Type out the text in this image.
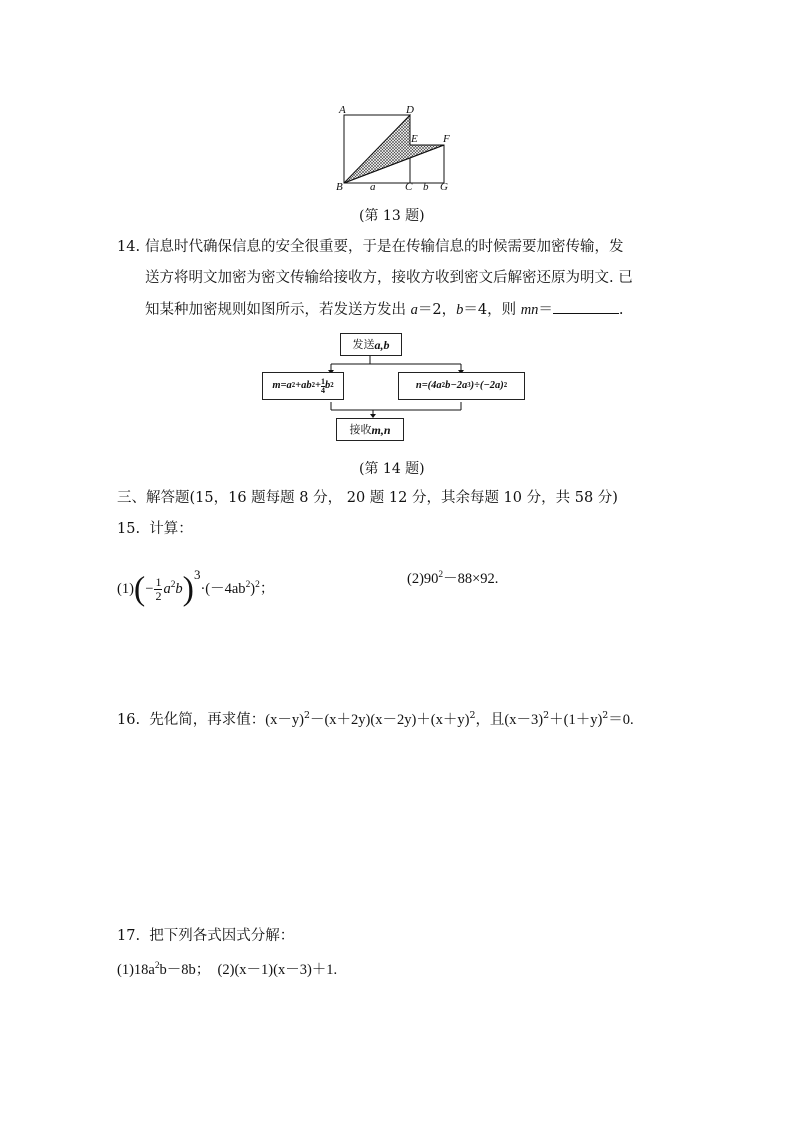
A	D
E F
B a	C b G
(第 13 题)
14. 信息时代确保信息的安全很重要，于是在传输信息的时候需要加密传输，发
送方将明文加密为密文传输给接收方，接收方收到密文后解密还原为明文. 已
知某种加密规则如图所示，若发送方发出 a＝2，b＝4，则 mn＝	.
发送 a,b
m =a 2 +ab $2 + \frac{1}{4}$ b 2	n =(4a 2 b−2a 3 )÷(−2a) 2
接收 m,n
(第 14 题)
三、解答题(15，16 题每题 8 分， 20 题 12 分，其余每题 10 分，共 58 分)
15. 计算：
$(1)(- \frac{1}{2} a^2b)^3\cdot(-4ab^2)^2$；
$(2)90^2-88\times 92$.
16. 先化简，再求值：$(x-y)^2-(x+2y)(x-2y)+(x+y)^2$，且$(x-3)^2+(1+y)^2=0$.
17. 把下列各式因式分解：
$(1)18a^2b-8b$； (2)(x－1)(x－3)＋1.
